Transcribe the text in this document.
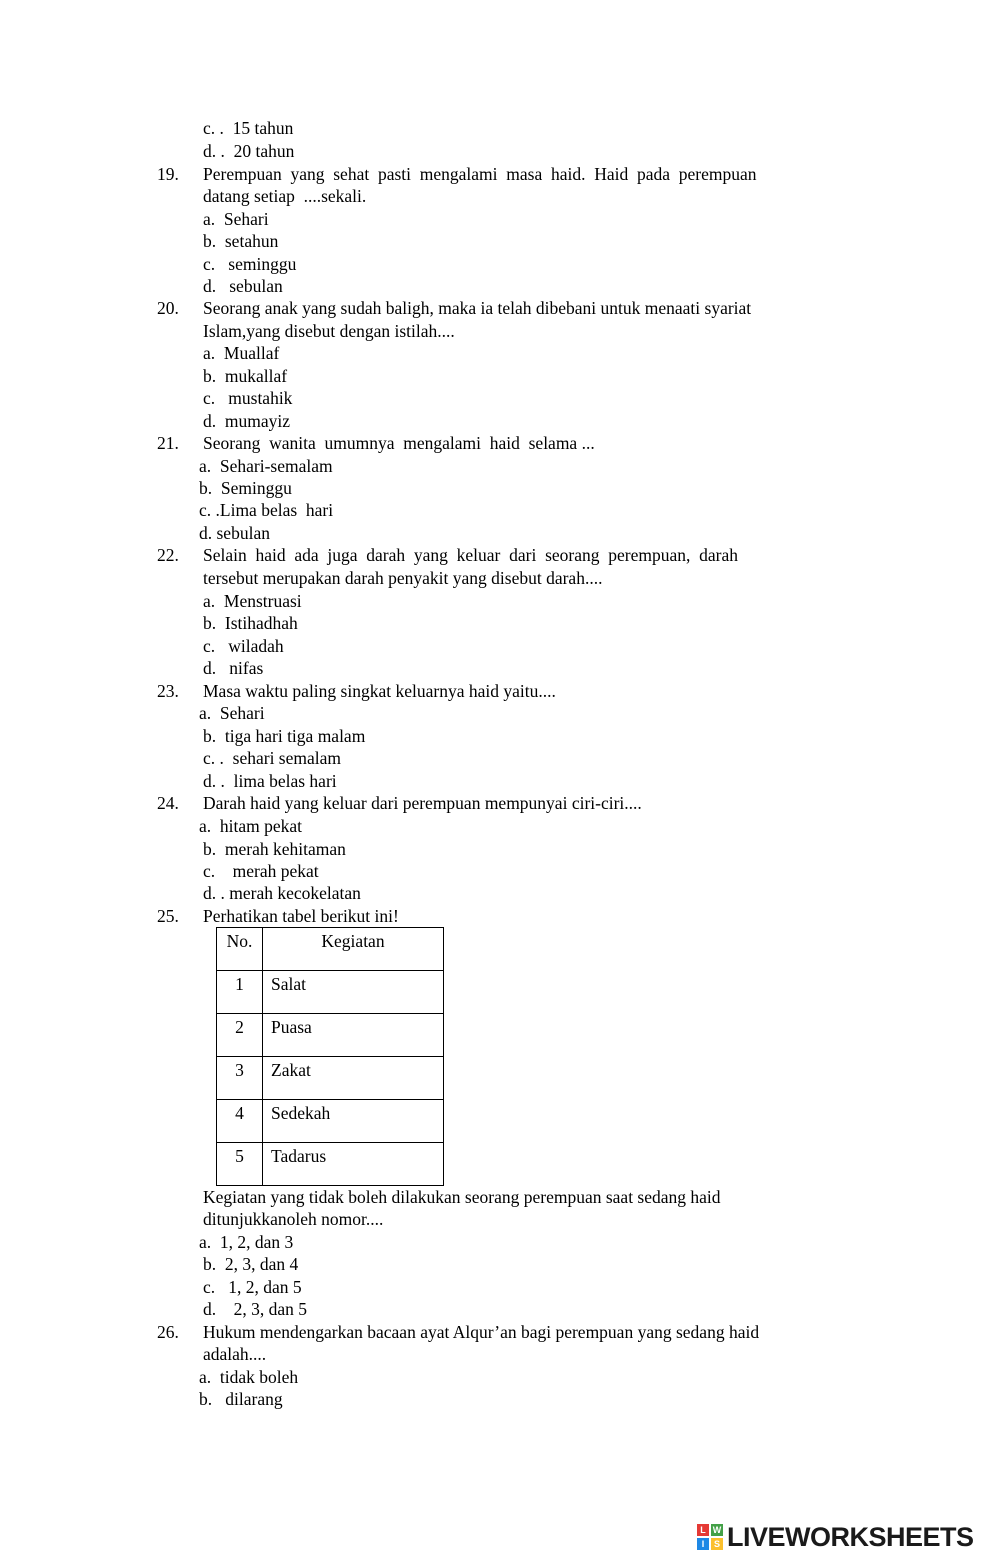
c. .  15 tahun
d. .  20 tahun
19. Perempuan  yang  sehat  pasti  mengalami  masa  haid.  Haid  pada  perempuan
datang setiap  ....sekali.
a.  Sehari
b.  setahun
c.   seminggu
d.   sebulan
20. Seorang anak yang sudah baligh, maka ia telah dibebani untuk menaati syariat
Islam,yang disebut dengan istilah....
a.  Muallaf
b.  mukallaf
c.   mustahik
d.  mumayiz
21. Seorang  wanita  umumnya  mengalami  haid  selama ...
a.  Sehari-semalam
b.  Seminggu
c. .Lima belas  hari
d. sebulan
22. Selain  haid  ada  juga  darah  yang  keluar  dari  seorang  perempuan,  darah
tersebut merupakan darah penyakit yang disebut darah....
a.  Menstruasi
b.  Istihadhah
c.   wiladah
d.   nifas
23. Masa waktu paling singkat keluarnya haid yaitu....
a.  Sehari
b.  tiga hari tiga malam
c. .  sehari semalam
d. .  lima belas hari
24. Darah haid yang keluar dari perempuan mempunyai ciri-ciri....
a.  hitam pekat
b.  merah kehitaman
c.    merah pekat
d. . merah kecokelatan
25. Perhatikan tabel berikut ini!
No.	Kegiatan
1	Salat
2	Puasa
3	Zakat
4	Sedekah
5	Tadarus
Kegiatan yang tidak boleh dilakukan seorang perempuan saat sedang haid
ditunjukkanoleh nomor....
a.  1, 2, dan 3
b.  2, 3, dan 4
c.   1, 2, dan 5
d.    2, 3, dan 5
26. Hukum mendengarkan bacaan ayat Alqur’an bagi perempuan yang sedang haid
adalah....
a.  tidak boleh
b.   dilarang
L W
I	S LIVEWORKSHEETS
